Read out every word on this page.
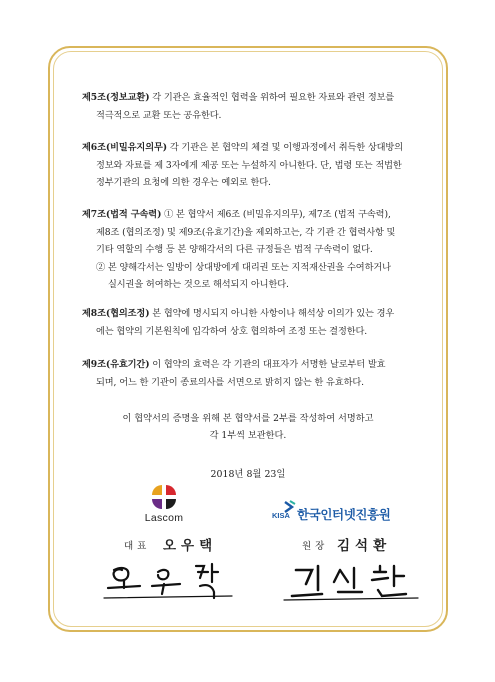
제5조(정보교환) 각 기관은 효율적인 협력을 위하여 필요한 자료와 관련 정보를

적극적으로 교환 또는 공유한다.

제6조(비밀유지의무) 각 기관은 본 협약의 체결 및 이행과정에서 취득한 상대방의

정보와 자료를 제 3자에게 제공 또는 누설하지 아니한다. 단, 법령 또는 적법한

정부기관의 요청에 의한 경우는 예외로 한다.

제7조(법적 구속력) ① 본 협약서 제6조 (비밀유지의무), 제7조 (법적 구속력),

제8조 (협의조정) 및 제9조(유효기간)을 제외하고는, 각 기관 간 협력사항 및

기타 역할의 수행 등 본 양해각서의 다른 규정들은 법적 구속력이 없다.

② 본 양해각서는 일방이 상대방에게 대리권 또는 지적재산권을 수여하거나

실시권을 허여하는 것으로 해석되지 아니한다.

제8조(협의조정) 본 협약에 명시되지 아니한 사항이나 해석상 이의가 있는 경우

에는 협약의 기본원칙에 입각하여 상호 협의하여 조정 또는 결정한다.

제9조(유효기간) 이 협약의 효력은 각 기관의 대표자가 서명한 날로부터 발효

되며, 어느 한 기관이 종료의사를 서면으로 밝히지 않는 한 유효하다.

이 협약서의 증명을 위해 본 협약서를 2부를 작성하여 서명하고
각 1부씩 보관한다.
2018년 8월 23일
Lascom	KISA 한국인터넷진흥원
대표 오우택	원장 김석환
